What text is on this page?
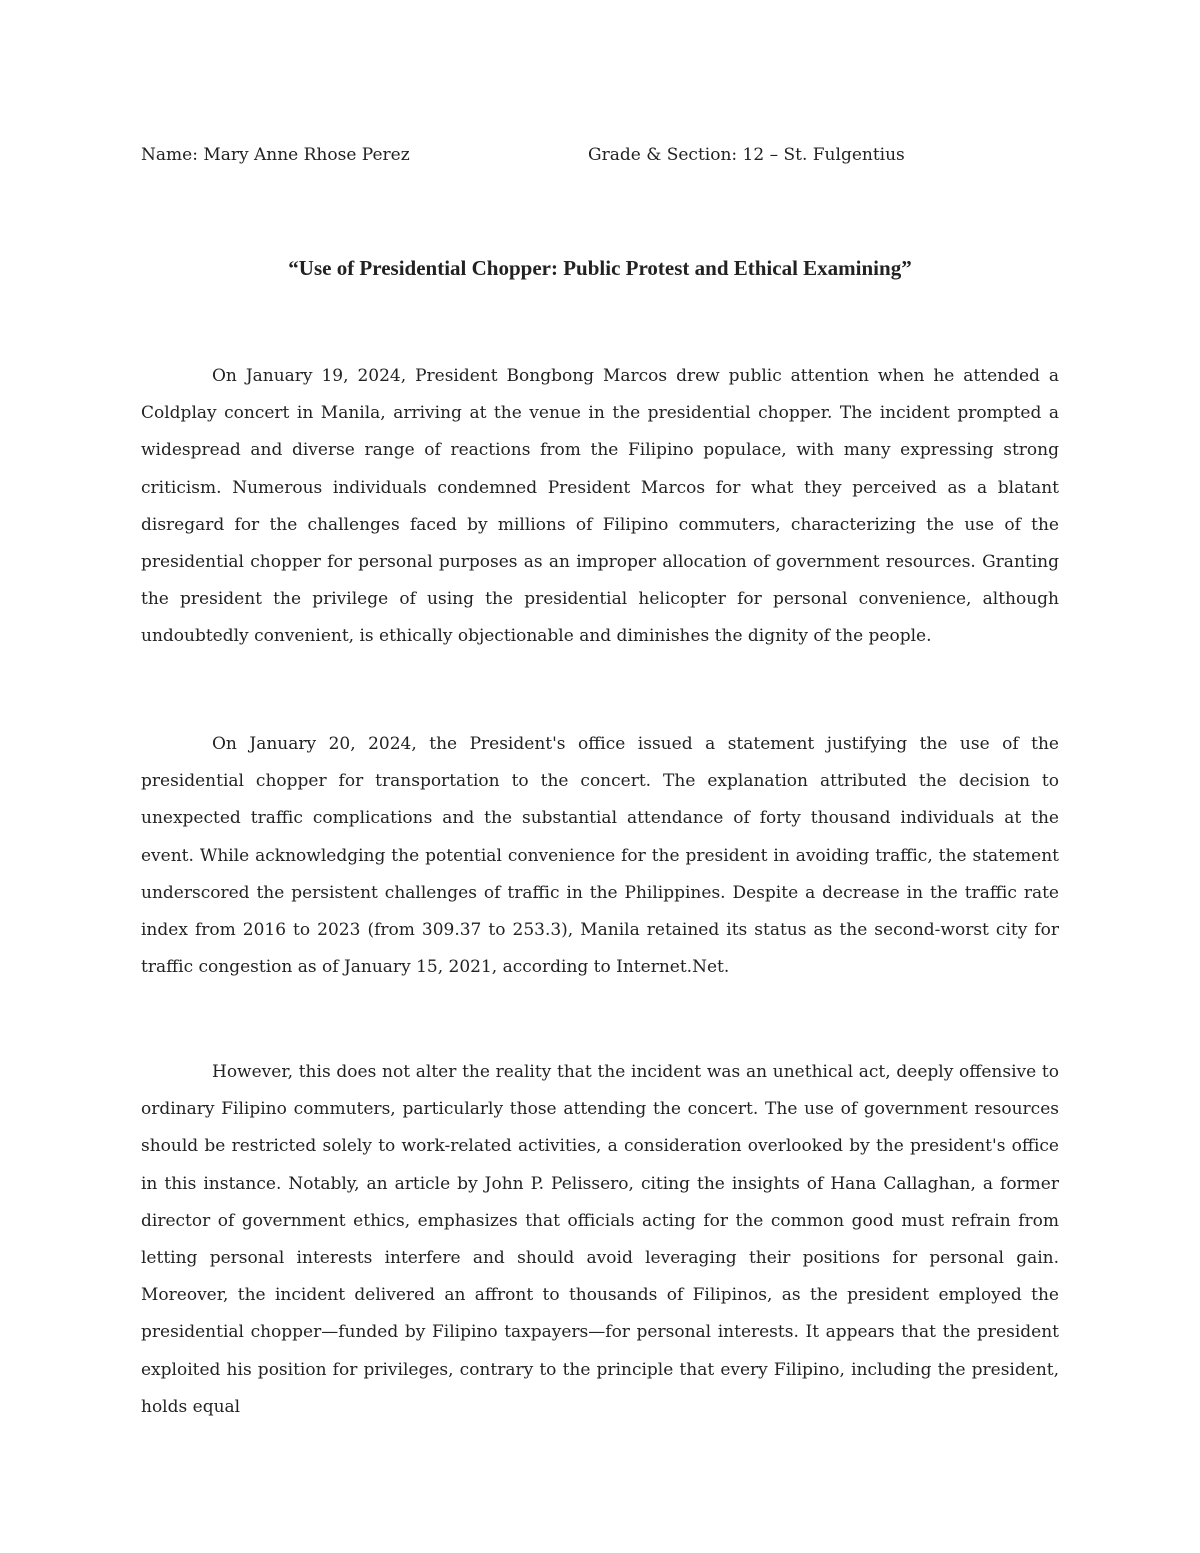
Name: Mary Anne Rhose Perez	Grade & Section: 12 – St. Fulgentius
“Use of Presidential Chopper: Public Protest and Ethical Examining”

On January 19, 2024, President Bongbong Marcos drew public attention when he attended a Coldplay concert in Manila, arriving at the venue in the presidential chopper. The incident prompted a widespread and diverse range of reactions from the Filipino populace, with many expressing strong criticism. Numerous individuals condemned President Marcos for what they perceived as a blatant disregard for the challenges faced by millions of Filipino commuters, characterizing the use of the presidential chopper for personal purposes as an improper allocation of government resources. Granting the president the privilege of using the presidential helicopter for personal convenience, although undoubtedly convenient, is ethically objectionable and diminishes the dignity of the people.

On January 20, 2024, the President's office issued a statement justifying the use of the presidential chopper for transportation to the concert. The explanation attributed the decision to unexpected traffic complications and the substantial attendance of forty thousand individuals at the event. While acknowledging the potential convenience for the president in avoiding traffic, the statement underscored the persistent challenges of traffic in the Philippines. Despite a decrease in the traffic rate index from 2016 to 2023 (from 309.37 to 253.3), Manila retained its status as the second-worst city for traffic congestion as of January 15, 2021, according to Internet.Net.

However, this does not alter the reality that the incident was an unethical act, deeply offensive to ordinary Filipino commuters, particularly those attending the concert. The use of government resources should be restricted solely to work-related activities, a consideration overlooked by the president's office in this instance. Notably, an article by John P. Pelissero, citing the insights of Hana Callaghan, a former director of government ethics, emphasizes that officials acting for the common good must refrain from letting personal interests interfere and should avoid leveraging their positions for personal gain. Moreover, the incident delivered an affront to thousands of Filipinos, as the president employed the presidential chopper—funded by Filipino taxpayers—for personal interests. It appears that the president exploited his position for privileges, contrary to the principle that every Filipino, including the president, holds equal
